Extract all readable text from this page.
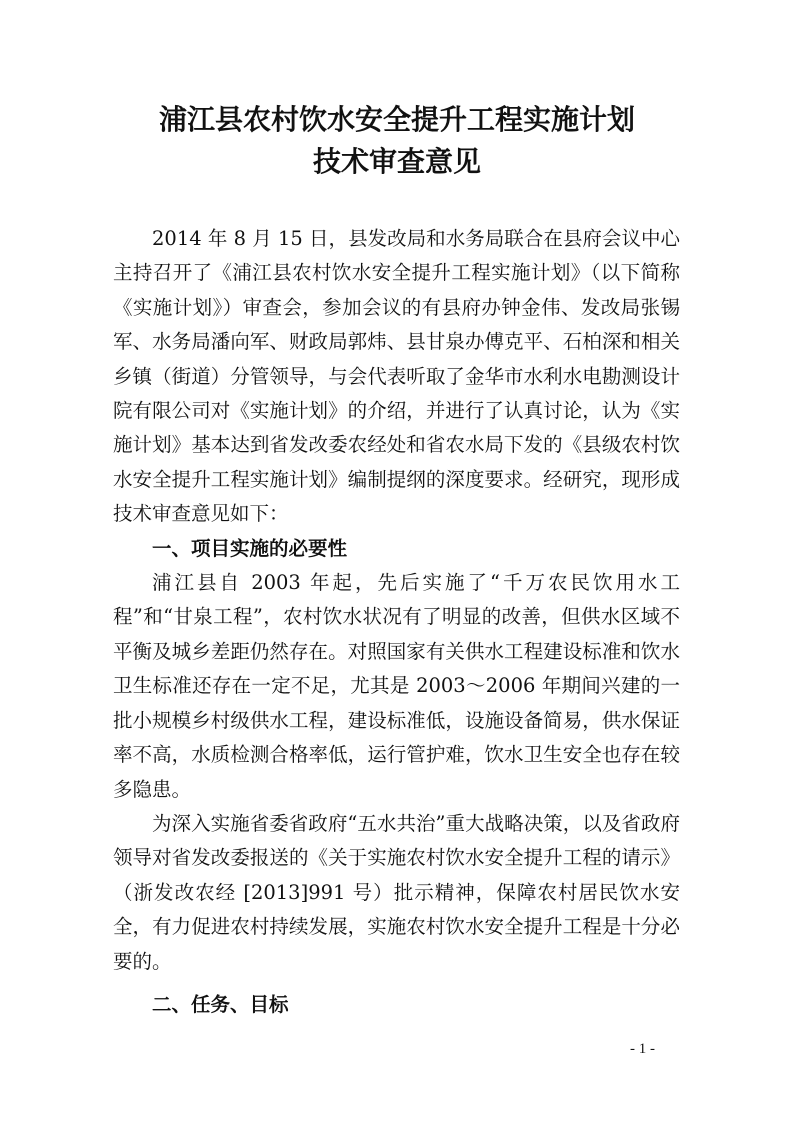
浦江县农村饮水安全提升工程实施计划
技术审查意见

2014 年 8 月 15 日，县发改局和水务局联合在县府会议中心主持召开了《浦江县农村饮水安全提升工程实施计划》（以下简称《实施计划》）审查会，参加会议的有县府办钟金伟、发改局张锡军、水务局潘向军、财政局郭炜、县甘泉办傅克平、石柏深和相关乡镇（街道）分管领导，与会代表听取了金华市水利水电勘测设计院有限公司对《实施计划》的介绍，并进行了认真讨论，认为《实施计划》基本达到省发改委农经处和省农水局下发的《县级农村饮水安全提升工程实施计划》编制提纲的深度要求。经研究，现形成技术审查意见如下：

一、项目实施的必要性

浦江县自 2003 年起，先后实施了“千万农民饮用水工程”和“甘泉工程”，农村饮水状况有了明显的改善，但供水区域不平衡及城乡差距仍然存在。对照国家有关供水工程建设标准和饮水卫生标准还存在一定不足，尤其是 2003～2006 年期间兴建的一批小规模乡村级供水工程，建设标准低，设施设备简易，供水保证率不高，水质检测合格率低，运行管护难，饮水卫生安全也存在较多隐患。

为深入实施省委省政府“五水共治”重大战略决策，以及省政府领导对省发改委报送的《关于实施农村饮水安全提升工程的请示》（浙发改农经 [2013]991 号）批示精神，保障农村居民饮水安全，有力促进农村持续发展，实施农村饮水安全提升工程是十分必要的。

二、任务、目标

- 1 -
